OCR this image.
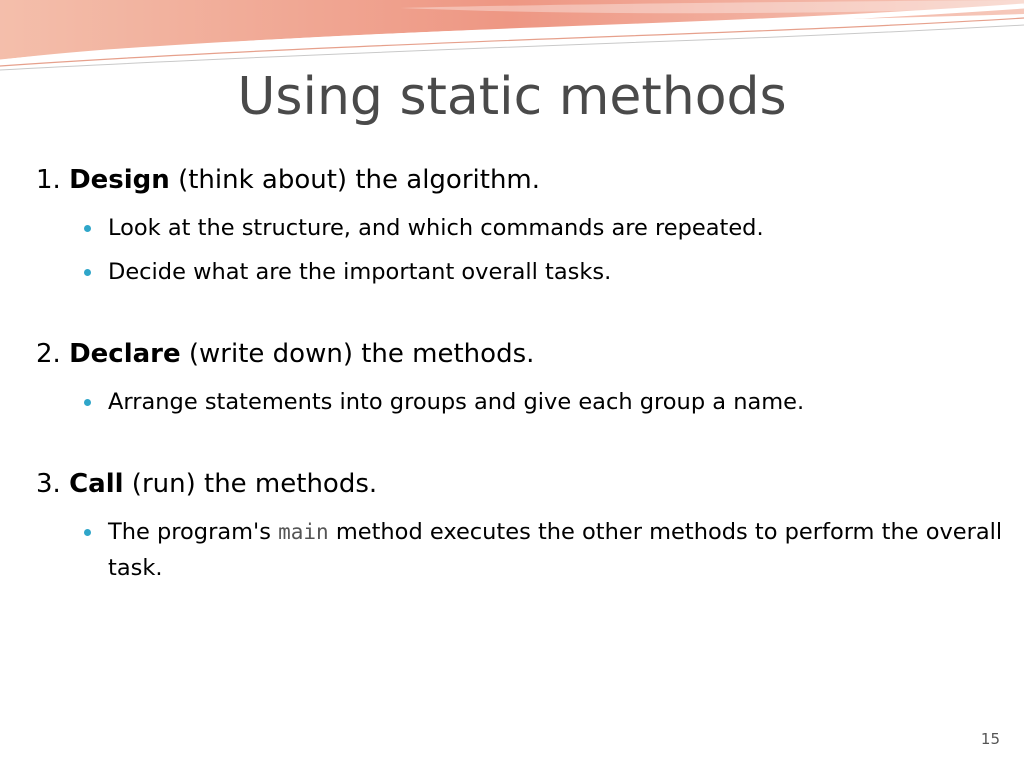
Using static methods

1. Design (think about) the algorithm.

Look at the structure, and which commands are repeated.
Decide what are the important overall tasks.

2. Declare (write down) the methods.

Arrange statements into groups and give each group a name.

3. Call (run) the methods.

The program's main method executes the other methods to perform the overall task.
15
